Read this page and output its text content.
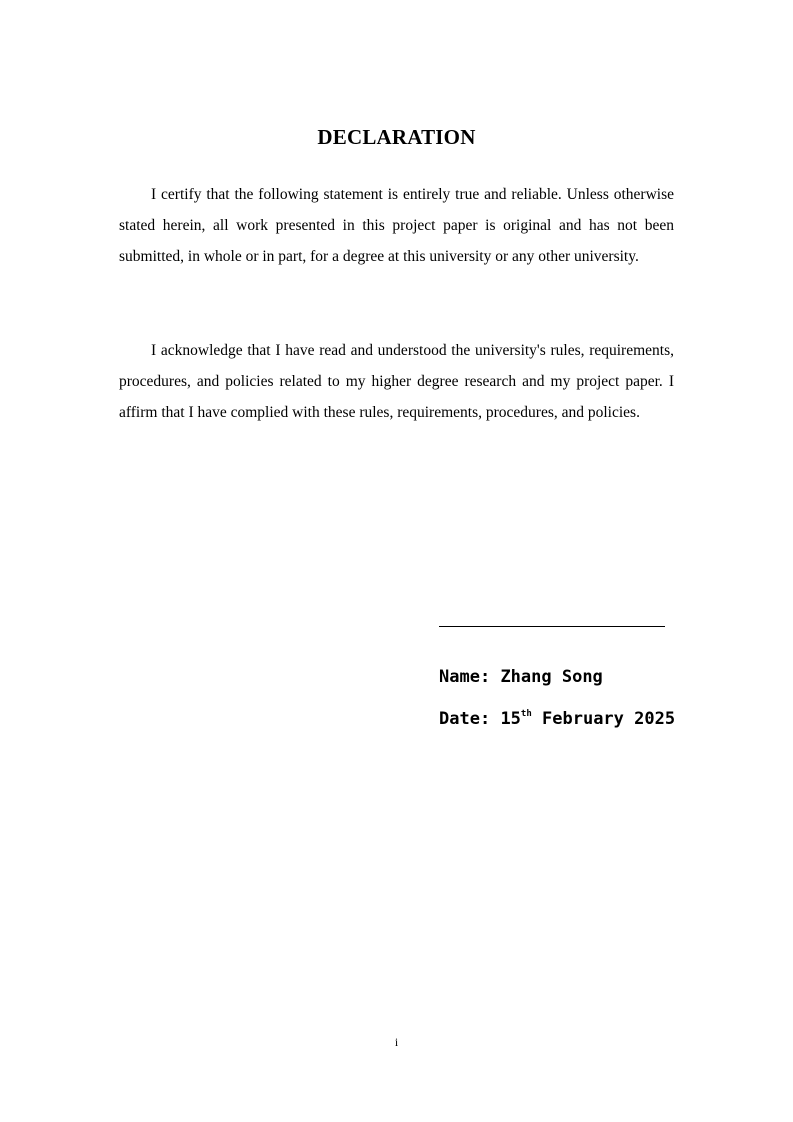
DECLARATION

I certify that the following statement is entirely true and reliable. Unless otherwise stated herein, all work presented in this project paper is original and has not been submitted, in whole or in part, for a degree at this university or any other university.

I acknowledge that I have read and understood the university's rules, requirements, procedures, and policies related to my higher degree research and my project paper. I affirm that I have complied with these rules, requirements, procedures, and policies.

Name: Zhang Song
Date: 15th February 2025
i
